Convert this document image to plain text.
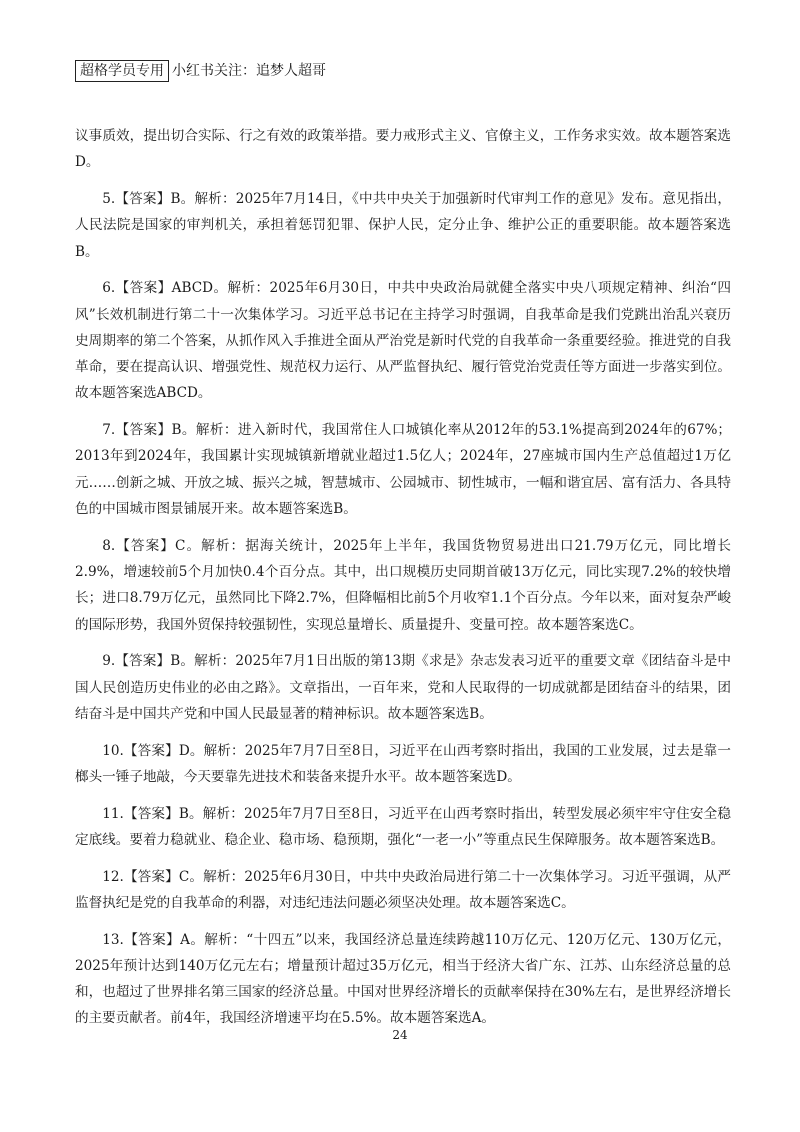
超格学员专用 小红书关注：追梦人超哥

议事质效，提出切合实际、行之有效的政策举措。要力戒形式主义、官僚主义，工作务求实效。故本题答案选D。

5.【答案】B。解析：2025年7月14日，《中共中央关于加强新时代审判工作的意见》发布。意见指出，人民法院是国家的审判机关，承担着惩罚犯罪、保护人民，定分止争、维护公正的重要职能。故本题答案选B。

6.【答案】ABCD。解析：2025年6月30日，中共中央政治局就健全落实中央八项规定精神、纠治“四风”长效机制进行第二十一次集体学习。习近平总书记在主持学习时强调，自我革命是我们党跳出治乱兴衰历史周期率的第二个答案，从抓作风入手推进全面从严治党是新时代党的自我革命一条重要经验。推进党的自我革命，要在提高认识、增强党性、规范权力运行、从严监督执纪、履行管党治党责任等方面进一步落实到位。故本题答案选ABCD。

7.【答案】B。解析：进入新时代，我国常住人口城镇化率从2012年的53.1%提高到2024年的67%；2013年到2024年，我国累计实现城镇新增就业超过1.5亿人；2024年，27座城市国内生产总值超过1万亿元……创新之城、开放之城、振兴之城，智慧城市、公园城市、韧性城市，一幅和谐宜居、富有活力、各具特色的中国城市图景铺展开来。故本题答案选B。

8.【答案】C。解析：据海关统计，2025年上半年，我国货物贸易进出口21.79万亿元，同比增长2.9%，增速较前5个月加快0.4个百分点。其中，出口规模历史同期首破13万亿元，同比实现7.2%的较快增长；进口8.79万亿元，虽然同比下降2.7%，但降幅相比前5个月收窄1.1个百分点。今年以来，面对复杂严峻的国际形势，我国外贸保持较强韧性，实现总量增长、质量提升、变量可控。故本题答案选C。

9.【答案】B。解析：2025年7月1日出版的第13期《求是》杂志发表习近平的重要文章《团结奋斗是中国人民创造历史伟业的必由之路》。文章指出，一百年来，党和人民取得的一切成就都是团结奋斗的结果，团结奋斗是中国共产党和中国人民最显著的精神标识。故本题答案选B。

10.【答案】D。解析：2025年7月7日至8日，习近平在山西考察时指出，我国的工业发展，过去是靠一榔头一锤子地敲，今天要靠先进技术和装备来提升水平。故本题答案选D。

11.【答案】B。解析：2025年7月7日至8日，习近平在山西考察时指出，转型发展必须牢牢守住安全稳定底线。要着力稳就业、稳企业、稳市场、稳预期，强化“一老一小”等重点民生保障服务。故本题答案选B。

12.【答案】C。解析：2025年6月30日，中共中央政治局进行第二十一次集体学习。习近平强调，从严监督执纪是党的自我革命的利器，对违纪违法问题必须坚决处理。故本题答案选C。

13.【答案】A。解析：“十四五”以来，我国经济总量连续跨越110万亿元、120万亿元、130万亿元，2025年预计达到140万亿元左右；增量预计超过35万亿元，相当于经济大省广东、江苏、山东经济总量的总和，也超过了世界排名第三国家的经济总量。中国对世界经济增长的贡献率保持在30%左右，是世界经济增长的主要贡献者。前4年，我国经济增速平均在5.5%。故本题答案选A。

24
